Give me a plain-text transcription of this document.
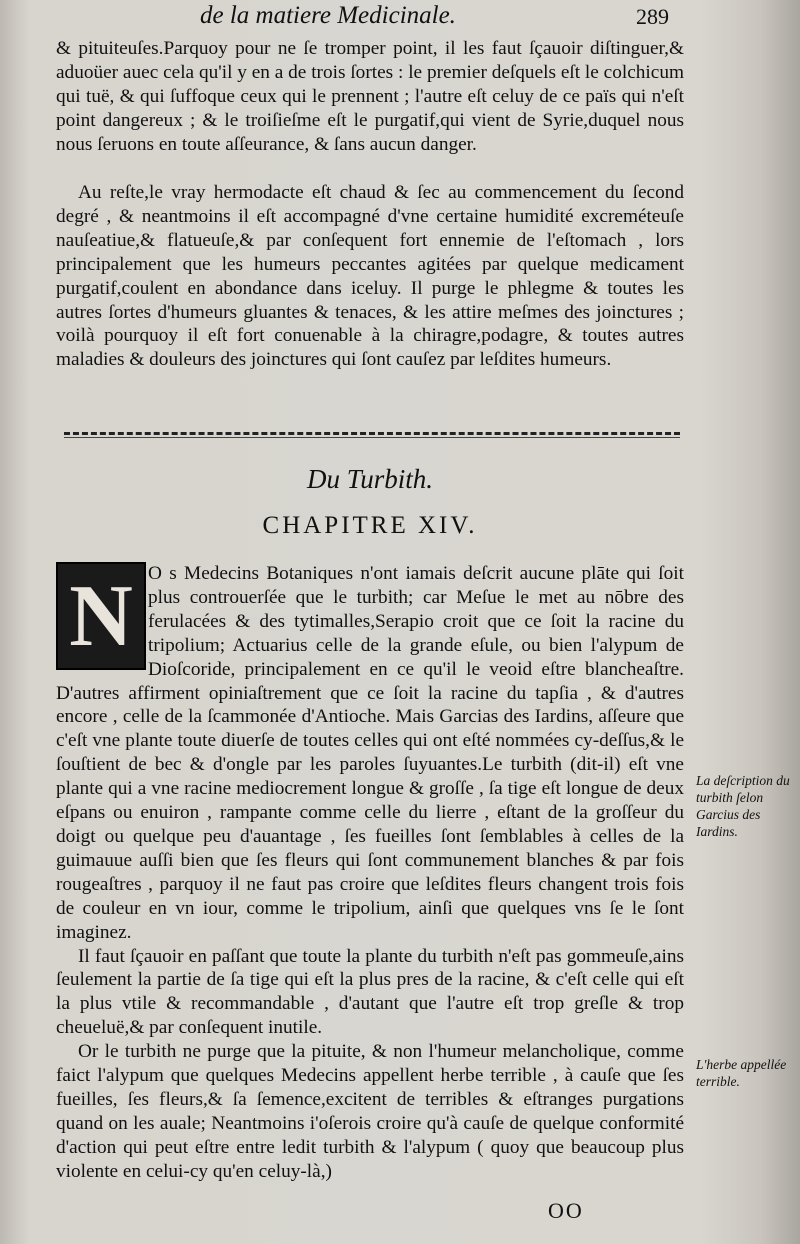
de la matiere Medicinale.	289

& pituiteuſes.Parquoy pour ne ſe tromper point, il les faut ſçauoir diſtinguer,& aduoüer auec cela qu'il y en a de trois ſortes : le premier deſquels eſt le colchicum qui tuë, & qui ſuffoque ceux qui le prennent ; l'autre eſt celuy de ce païs qui n'eſt point dangereux ; & le troiſieſme eſt le purgatif,qui vient de Syrie,duquel nous nous ſeruons en toute aſſeurance, & ſans aucun danger.

Au reſte,le vray hermodacte eſt chaud & ſec au commencement du ſecond degré , & neantmoins il eſt accompagné d'vne certaine humidité excreméteuſe nauſeatiue,& flatueuſe,& par conſequent fort ennemie de l'eſtomach , lors principalement que les humeurs peccantes agitées par quelque medicament purgatif,coulent en abondance dans iceluy. Il purge le phlegme & toutes les autres ſortes d'humeurs gluantes & tenaces, & les attire meſmes des joinctures ; voilà pourquoy il eſt fort conuenable à la chiragre,podagre, & toutes autres maladies & douleurs des joinctures qui ſont cauſez par leſdites humeurs.

Du Turbith.
CHAPITRE XIV.

O s Medecins Botaniques n'ont iamais deſcrit aucune plāte qui ſoit plus controuerſée que le turbith; car Meſue le met au nōbre des ferulacées & des tytimalles,Serapio croit que ce ſoit la racine du tripolium; Actuarius celle de la grande eſule, ou bien l'alypum de Dioſcoride, principalement en ce qu'il le veoid eſtre blancheaſtre. D'autres affirment opiniaſtrement que ce ſoit la racine du tapſia , & d'autres encore , celle de la ſcammonée d'Antioche. Mais Garcias des Iardins, aſſeure que c'eſt vne plante toute diuerſe de toutes celles qui ont eſté nommées cy-deſſus,& le ſouſtient de bec & d'ongle par les paroles ſuyuantes.Le turbith (dit-il) eſt vne plante qui a vne racine mediocrement longue & groſſe , ſa tige eſt longue de deux eſpans ou enuiron , rampante comme celle du lierre , eſtant de la groſſeur du doigt ou quelque peu d'auantage , ſes fueilles ſont ſemblables à celles de la guimauue auſſi bien que ſes fleurs qui ſont communement blanches & par fois rougeaſtres , parquoy il ne faut pas croire que leſdites fleurs changent trois fois de couleur en vn iour, comme le tripolium, ainſi que quelques vns ſe le ſont imaginez.

Il faut ſçauoir en paſſant que toute la plante du turbith n'eſt pas gommeuſe,ains ſeulement la partie de ſa tige qui eſt la plus pres de la racine, & c'eſt celle qui eſt la plus vtile & recommandable , d'autant que l'autre eſt trop greſle & trop cheueluë,& par conſequent inutile.

Or le turbith ne purge que la pituite, & non l'humeur melancholique, comme faict l'alypum que quelques Medecins appellent herbe terrible , à cauſe que ſes fueilles, ſes fleurs,& ſa ſemence,excitent de terribles & eſtranges purgations quand on les auale; Neantmoins i'oſerois croire qu'à cauſe de quelque conformité d'action qui peut eſtre entre ledit turbith & l'alypum ( quoy que beaucoup plus violente en celui-cy qu'en celuy-là,)

N
La deſcription du turbith ſelon Garcius des Iardins.
L'herbe appellée terrible.
OO
